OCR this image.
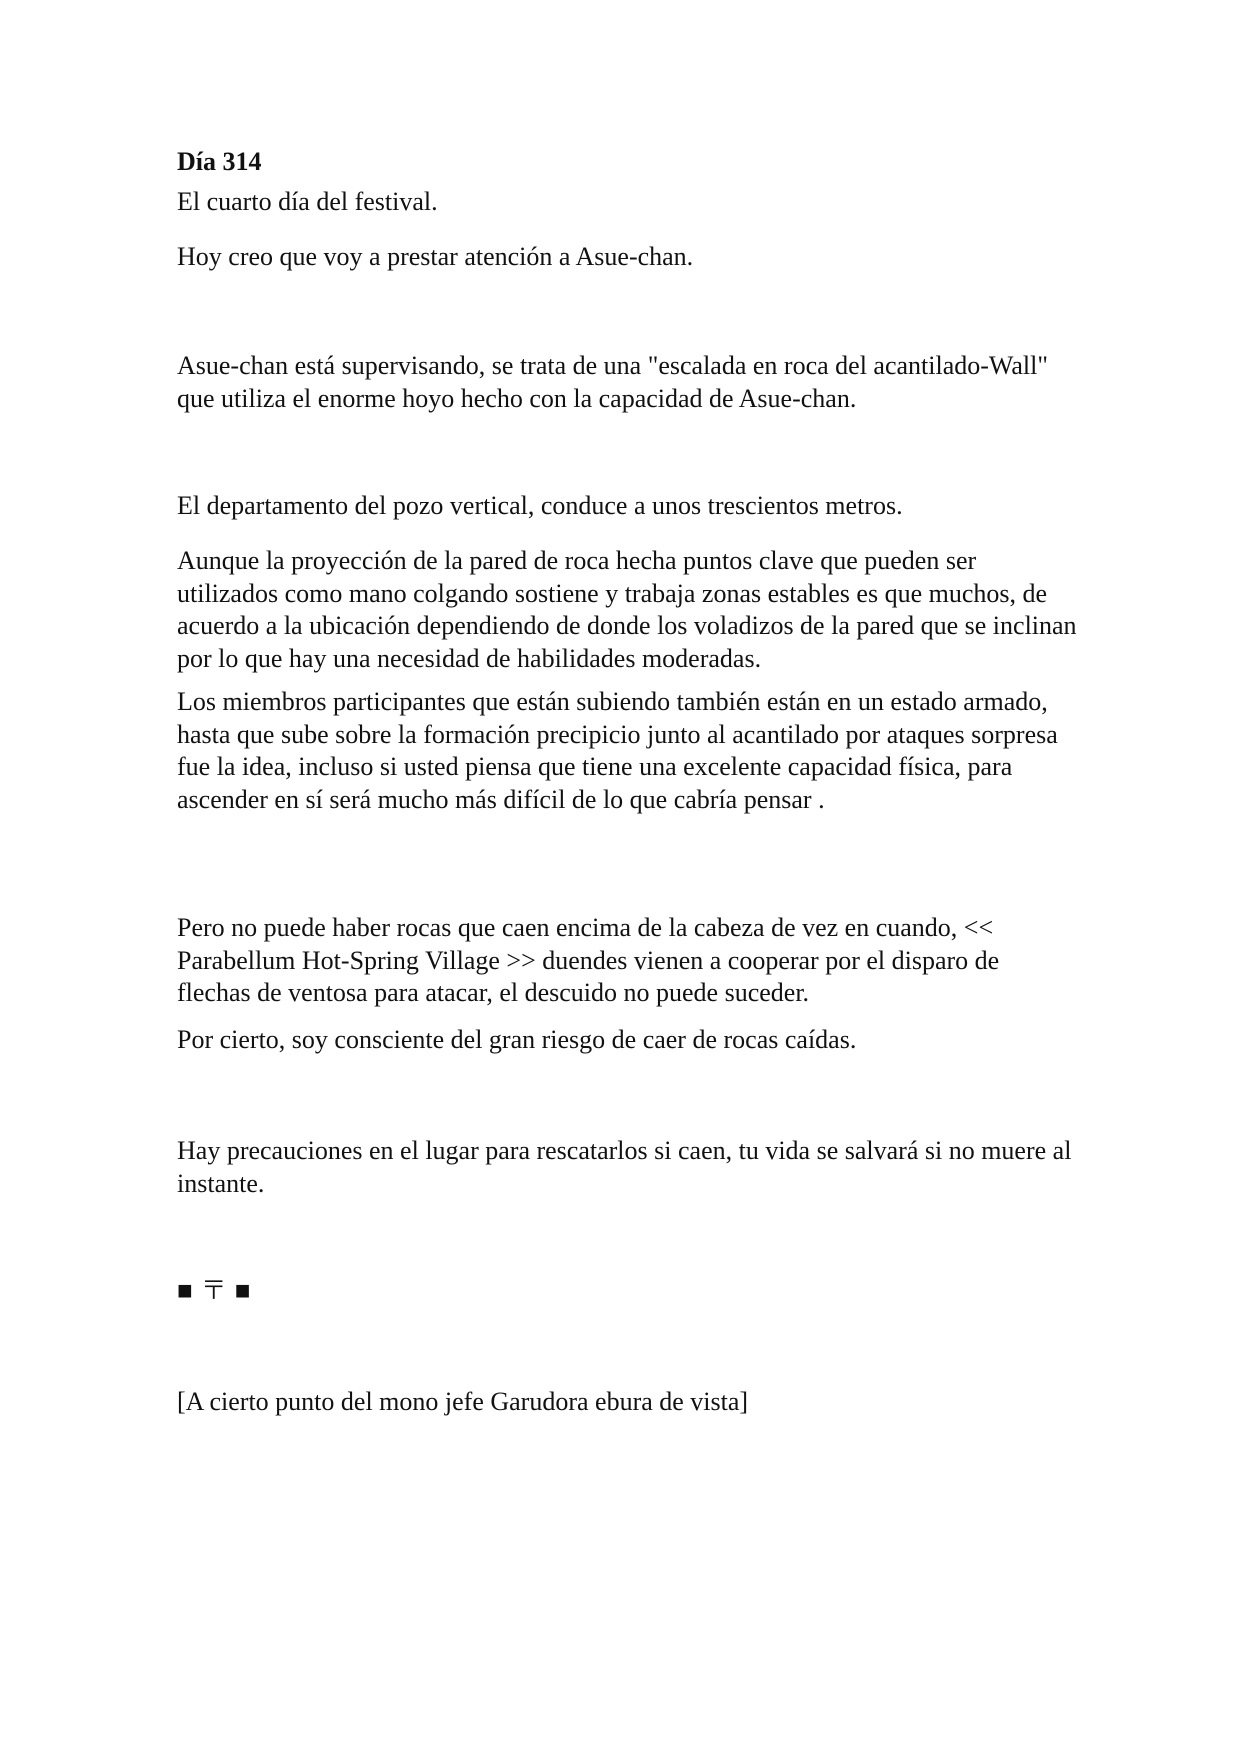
Día 314

El cuarto día del festival.

Hoy creo que voy a prestar atención a Asue-chan.

Asue-chan está supervisando, se trata de una "escalada en roca del acantilado-Wall" que utiliza el enorme hoyo hecho con la capacidad de Asue-chan.

El departamento del pozo vertical, conduce a unos trescientos metros.

Aunque la proyección de la pared de roca hecha puntos clave que pueden ser utilizados como mano colgando sostiene y trabaja zonas estables es que muchos, de acuerdo a la ubicación dependiendo de donde los voladizos de la pared que se inclinan por lo que hay una necesidad de habilidades moderadas.

Los miembros participantes que están subiendo también están en un estado armado, hasta que sube sobre la formación precipicio junto al acantilado por ataques sorpresa fue la idea, incluso si usted piensa que tiene una excelente capacidad física, para ascender en sí será mucho más difícil de lo que cabría pensar .

Pero no puede haber rocas que caen encima de la cabeza de vez en cuando, << Parabellum Hot-Spring Village >> duendes vienen a cooperar por el disparo de flechas de ventosa para atacar, el descuido no puede suceder.

Por cierto, soy consciente del gran riesgo de caer de rocas caídas.

Hay precauciones en el lugar para rescatarlos si caen, tu vida se salvará si no muere al instante.

■〒■

[A cierto punto del mono jefe Garudora ebura de vista]
